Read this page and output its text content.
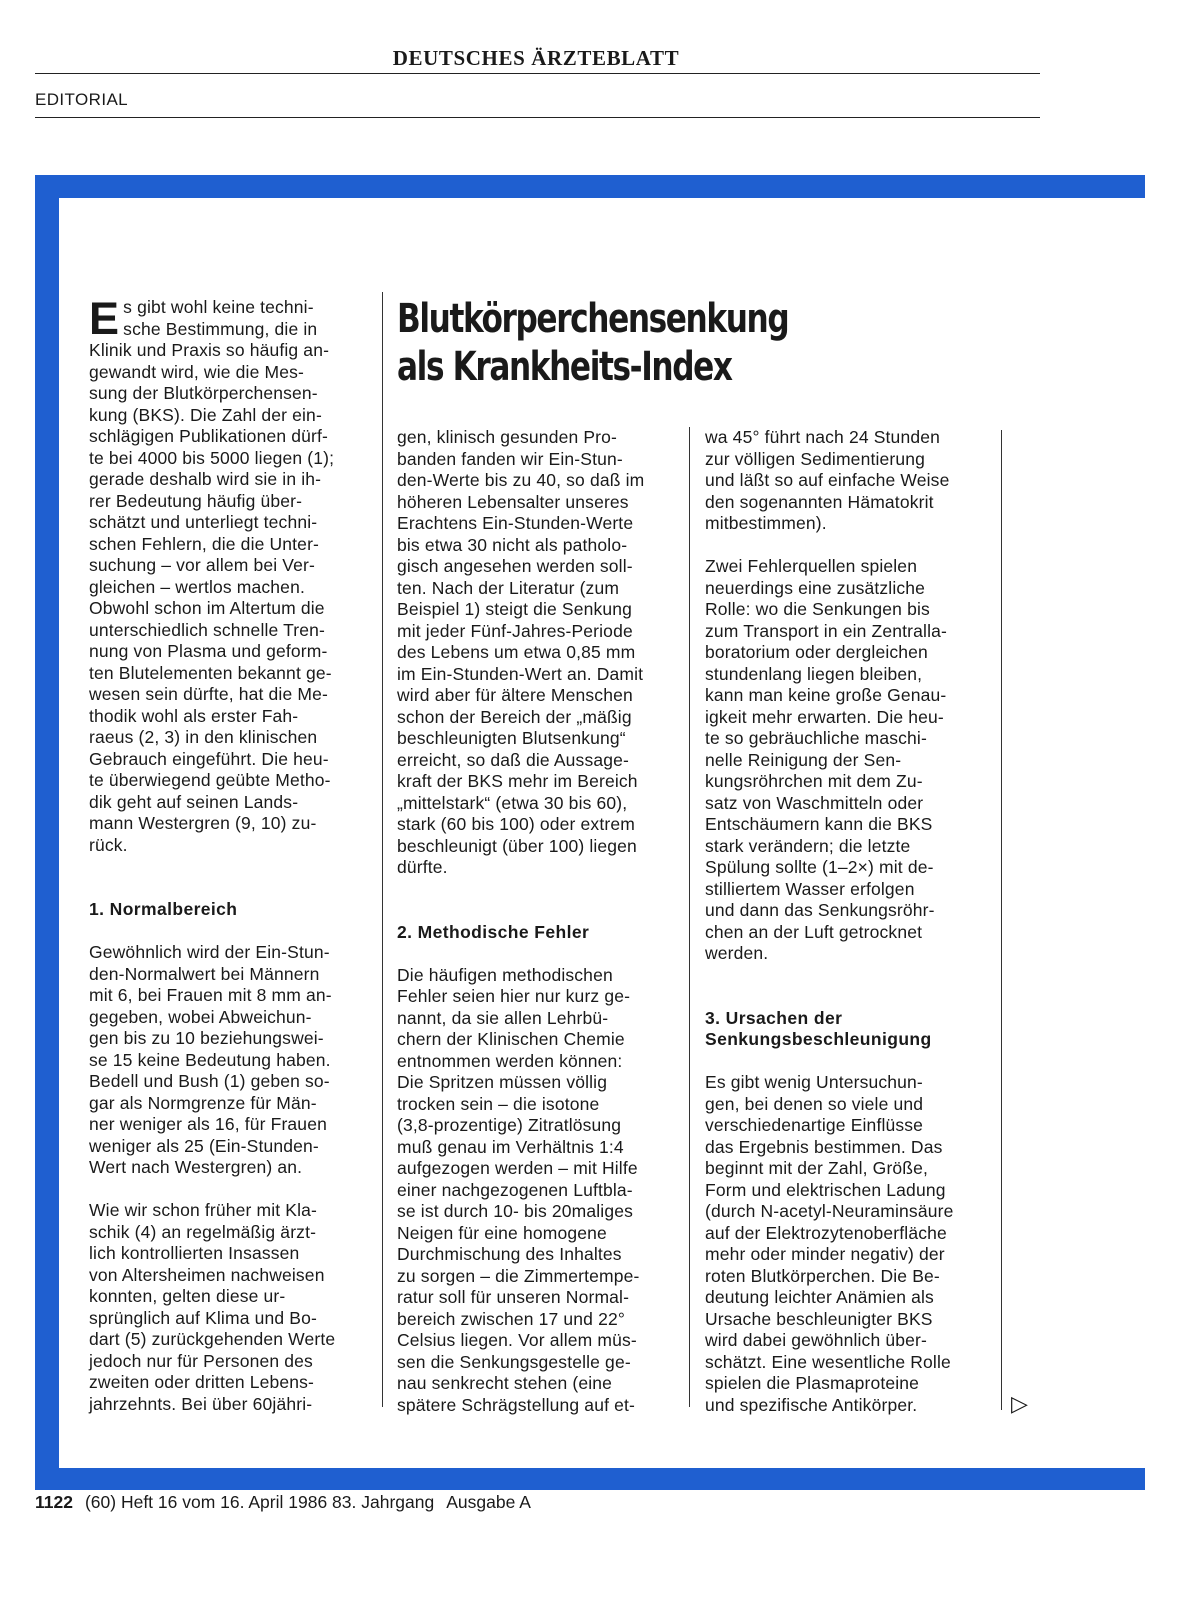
DEUTSCHES ÄRZTEBLATT
EDITORIAL
E s gibt wohl keine techni-
sche Bestimmung, die in
Klinik und Praxis so häufig an-
gewandt wird, wie die Mes-
sung der Blutkörperchensen-
kung (BKS). Die Zahl der ein-
schlägigen Publikationen dürf-
te bei 4000 bis 5000 liegen (1);
gerade deshalb wird sie in ih-
rer Bedeutung häufig über-
schätzt und unterliegt techni-
schen Fehlern, die die Unter-
suchung – vor allem bei Ver-
gleichen – wertlos machen.
Obwohl schon im Altertum die
unterschiedlich schnelle Tren-
nung von Plasma und geform-
ten Blutelementen bekannt ge-
wesen sein dürfte, hat die Me-
thodik wohl als erster Fah-
raeus (2, 3) in den klinischen
Gebrauch eingeführt. Die heu-
te überwiegend geübte Metho-
dik geht auf seinen Lands-
mann Westergren (9, 10) zu-
rück.

1. Normalbereich

Gewöhnlich wird der Ein-Stun-
den-Normalwert bei Männern
mit 6, bei Frauen mit 8 mm an-
gegeben, wobei Abweichun-
gen bis zu 10 beziehungswei-
se 15 keine Bedeutung haben.
Bedell und Bush (1) geben so-
gar als Normgrenze für Män-
ner weniger als 16, für Frauen
weniger als 25 (Ein-Stunden-
Wert nach Westergren) an.

Wie wir schon früher mit Kla-
schik (4) an regelmäßig ärzt-
lich kontrollierten Insassen
von Altersheimen nachweisen
konnten, gelten diese ur-
sprünglich auf Klima und Bo-
dart (5) zurückgehenden Werte
jedoch nur für Personen des
zweiten oder dritten Lebens-
jahrzehnts. Bei über 60jähri-

Blutkörperchensenkung
als Krankheits-Index

gen, klinisch gesunden Pro-
banden fanden wir Ein-Stun-
den-Werte bis zu 40, so daß im
höheren Lebensalter unseres
Erachtens Ein-Stunden-Werte
bis etwa 30 nicht als patholo-
gisch angesehen werden soll-
ten. Nach der Literatur (zum
Beispiel 1) steigt die Senkung
mit jeder Fünf-Jahres-Periode
des Lebens um etwa 0,85 mm
im Ein-Stunden-Wert an. Damit
wird aber für ältere Menschen
schon der Bereich der „mäßig
beschleunigten Blutsenkung“
erreicht, so daß die Aussage-
kraft der BKS mehr im Bereich
„mittelstark“ (etwa 30 bis 60),
stark (60 bis 100) oder extrem
beschleunigt (über 100) liegen
dürfte.

2. Methodische Fehler

Die häufigen methodischen
Fehler seien hier nur kurz ge-
nannt, da sie allen Lehrbü-
chern der Klinischen Chemie
entnommen werden können:
Die Spritzen müssen völlig
trocken sein – die isotone
(3,8-prozentige) Zitratlösung
muß genau im Verhältnis 1:4
aufgezogen werden – mit Hilfe
einer nachgezogenen Luftbla-
se ist durch 10- bis 20maliges
Neigen für eine homogene
Durchmischung des Inhaltes
zu sorgen – die Zimmertempe-
ratur soll für unseren Normal-
bereich zwischen 17 und 22°
Celsius liegen. Vor allem müs-
sen die Senkungsgestelle ge-
nau senkrecht stehen (eine
spätere Schrägstellung auf et-

wa 45° führt nach 24 Stunden
zur völligen Sedimentierung
und läßt so auf einfache Weise
den sogenannten Hämatokrit
mitbestimmen).

Zwei Fehlerquellen spielen
neuerdings eine zusätzliche
Rolle: wo die Senkungen bis
zum Transport in ein Zentralla-
boratorium oder dergleichen
stundenlang liegen bleiben,
kann man keine große Genau-
igkeit mehr erwarten. Die heu-
te so gebräuchliche maschi-
nelle Reinigung der Sen-
kungsröhrchen mit dem Zu-
satz von Waschmitteln oder
Entschäumern kann die BKS
stark verändern; die letzte
Spülung sollte (1–2×) mit de-
stilliertem Wasser erfolgen
und dann das Senkungsröhr-
chen an der Luft getrocknet
werden.

3. Ursachen der
Senkungsbeschleunigung

Es gibt wenig Untersuchun-
gen, bei denen so viele und
verschiedenartige Einflüsse
das Ergebnis bestimmen. Das
beginnt mit der Zahl, Größe,
Form und elektrischen Ladung
(durch N-acetyl-Neuraminsäure
auf der Elektrozytenoberfläche
mehr oder minder negativ) der
roten Blutkörperchen. Die Be-
deutung leichter Anämien als
Ursache beschleunigter BKS
wird dabei gewöhnlich über-
schätzt. Eine wesentliche Rolle
spielen die Plasmaproteine
und spezifische Antikörper.	▷
1122 (60) Heft 16 vom 16. April 1986 83. Jahrgang Ausgabe A
